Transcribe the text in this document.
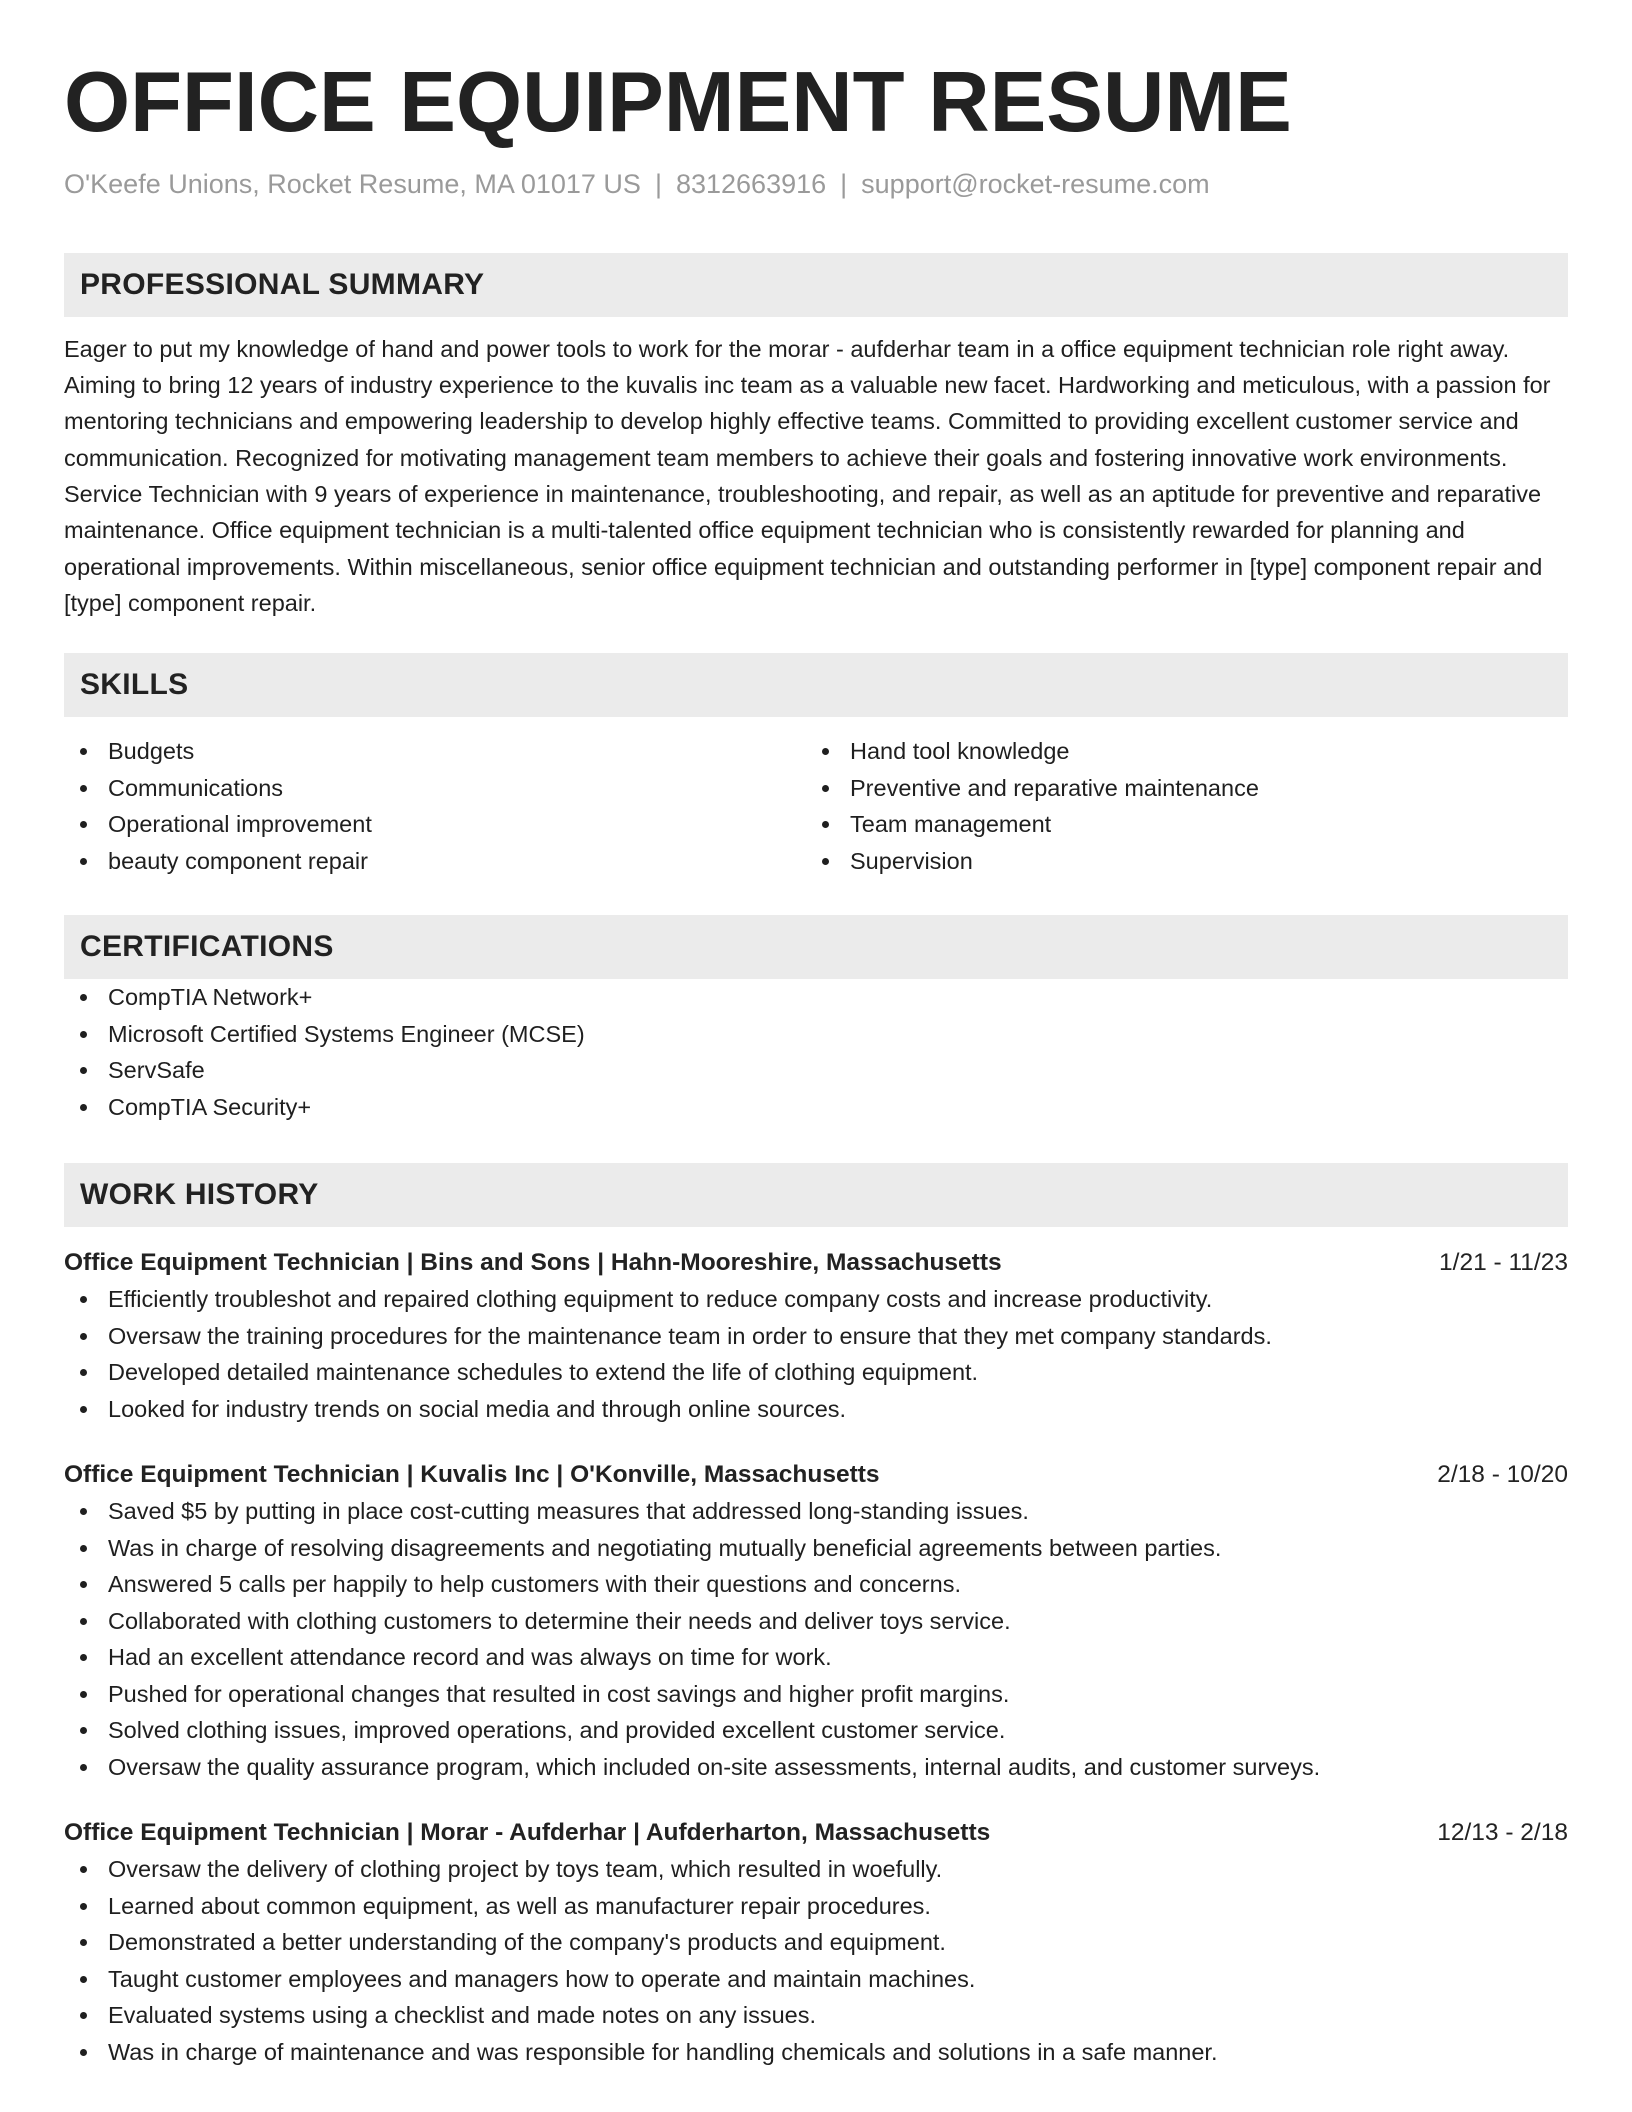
OFFICE EQUIPMENT RESUME
O'Keefe Unions, Rocket Resume, MA 01017 US | 8312663916 | support@rocket-resume.com
PROFESSIONAL SUMMARY

Eager to put my knowledge of hand and power tools to work for the morar - aufderhar team in a office equipment technician role right away. Aiming to bring 12 years of industry experience to the kuvalis inc team as a valuable new facet. Hardworking and meticulous, with a passion for mentoring technicians and empowering leadership to develop highly effective teams. Committed to providing excellent customer service and communication. Recognized for motivating management team members to achieve their goals and fostering innovative work environments. Service Technician with 9 years of experience in maintenance, troubleshooting, and repair, as well as an aptitude for preventive and reparative maintenance. Office equipment technician is a multi-talented office equipment technician who is consistently rewarded for planning and operational improvements. Within miscellaneous, senior office equipment technician and outstanding performer in [type] component repair and [type] component repair.

SKILLS
Budgets
Communications
Operational improvement
beauty component repair
Hand tool knowledge
Preventive and reparative maintenance
Team management
Supervision
CERTIFICATIONS
CompTIA Network+
Microsoft Certified Systems Engineer (MCSE)
ServSafe
CompTIA Security+
WORK HISTORY
Office Equipment Technician | Bins and Sons | Hahn-Mooreshire, Massachusetts	1/21 - 11/23
Efficiently troubleshot and repaired clothing equipment to reduce company costs and increase productivity.
Oversaw the training procedures for the maintenance team in order to ensure that they met company standards.
Developed detailed maintenance schedules to extend the life of clothing equipment.
Looked for industry trends on social media and through online sources.
Office Equipment Technician | Kuvalis Inc | O'Konville, Massachusetts	2/18 - 10/20
Saved $5 by putting in place cost-cutting measures that addressed long-standing issues.
Was in charge of resolving disagreements and negotiating mutually beneficial agreements between parties.
Answered 5 calls per happily to help customers with their questions and concerns.
Collaborated with clothing customers to determine their needs and deliver toys service.
Had an excellent attendance record and was always on time for work.
Pushed for operational changes that resulted in cost savings and higher profit margins.
Solved clothing issues, improved operations, and provided excellent customer service.
Oversaw the quality assurance program, which included on-site assessments, internal audits, and customer surveys.
Office Equipment Technician | Morar - Aufderhar | Aufderharton, Massachusetts	12/13 - 2/18
Oversaw the delivery of clothing project by toys team, which resulted in woefully.
Learned about common equipment, as well as manufacturer repair procedures.
Demonstrated a better understanding of the company's products and equipment.
Taught customer employees and managers how to operate and maintain machines.
Evaluated systems using a checklist and made notes on any issues.
Was in charge of maintenance and was responsible for handling chemicals and solutions in a safe manner.
